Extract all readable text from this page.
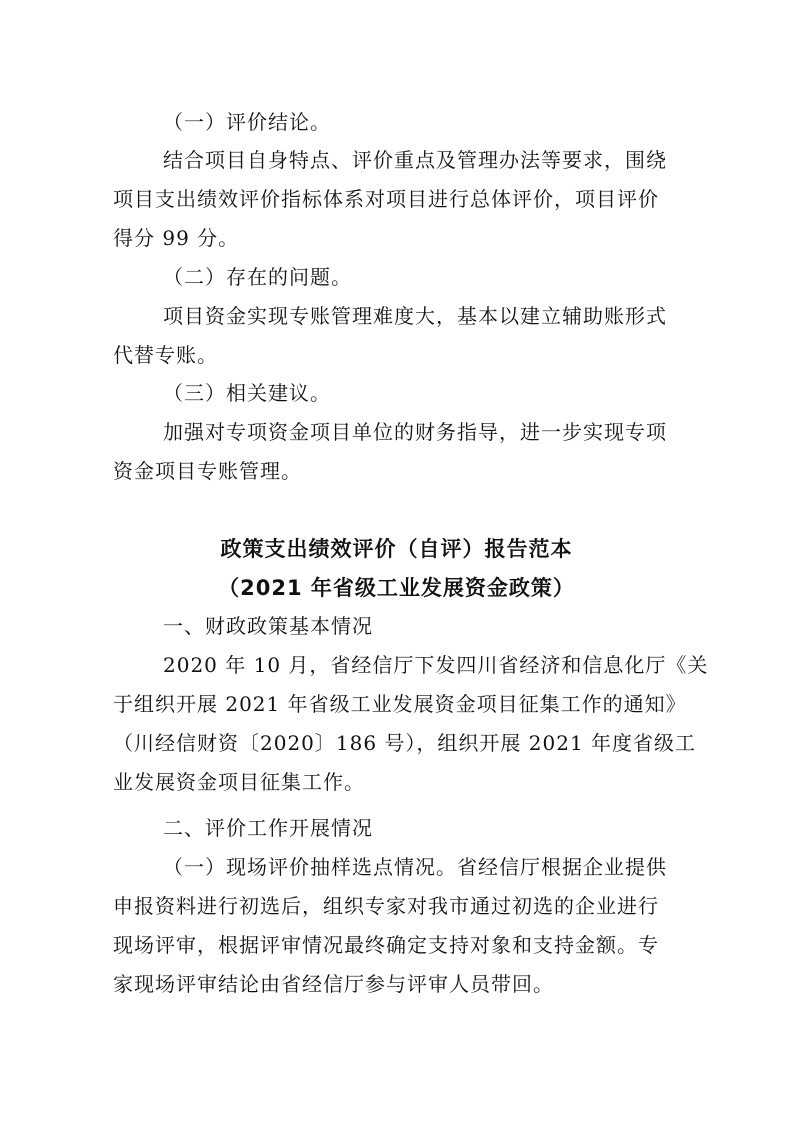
（一）评价结论。
结合项目自身特点、评价重点及管理办法等要求，围绕
项目支出绩效评价指标体系对项目进行总体评价，项目评价
得分 99 分。
（二）存在的问题。
项目资金实现专账管理难度大，基本以建立辅助账形式
代替专账。
（三）相关建议。
加强对专项资金项目单位的财务指导，进一步实现专项
资金项目专账管理。
政策支出绩效评价（自评）报告范本
（2021 年省级工业发展资金政策）
一、财政政策基本情况
2020 年 10 月，省经信厅下发四川省经济和信息化厅《关
于组织开展 2021 年省级工业发展资金项目征集工作的通知》
（川经信财资〔2020〕186 号），组织开展 2021 年度省级工
业发展资金项目征集工作。
二、评价工作开展情况
（一）现场评价抽样选点情况。省经信厅根据企业提供
申报资料进行初选后，组织专家对我市通过初选的企业进行
现场评审，根据评审情况最终确定支持对象和支持金额。专
家现场评审结论由省经信厅参与评审人员带回。
